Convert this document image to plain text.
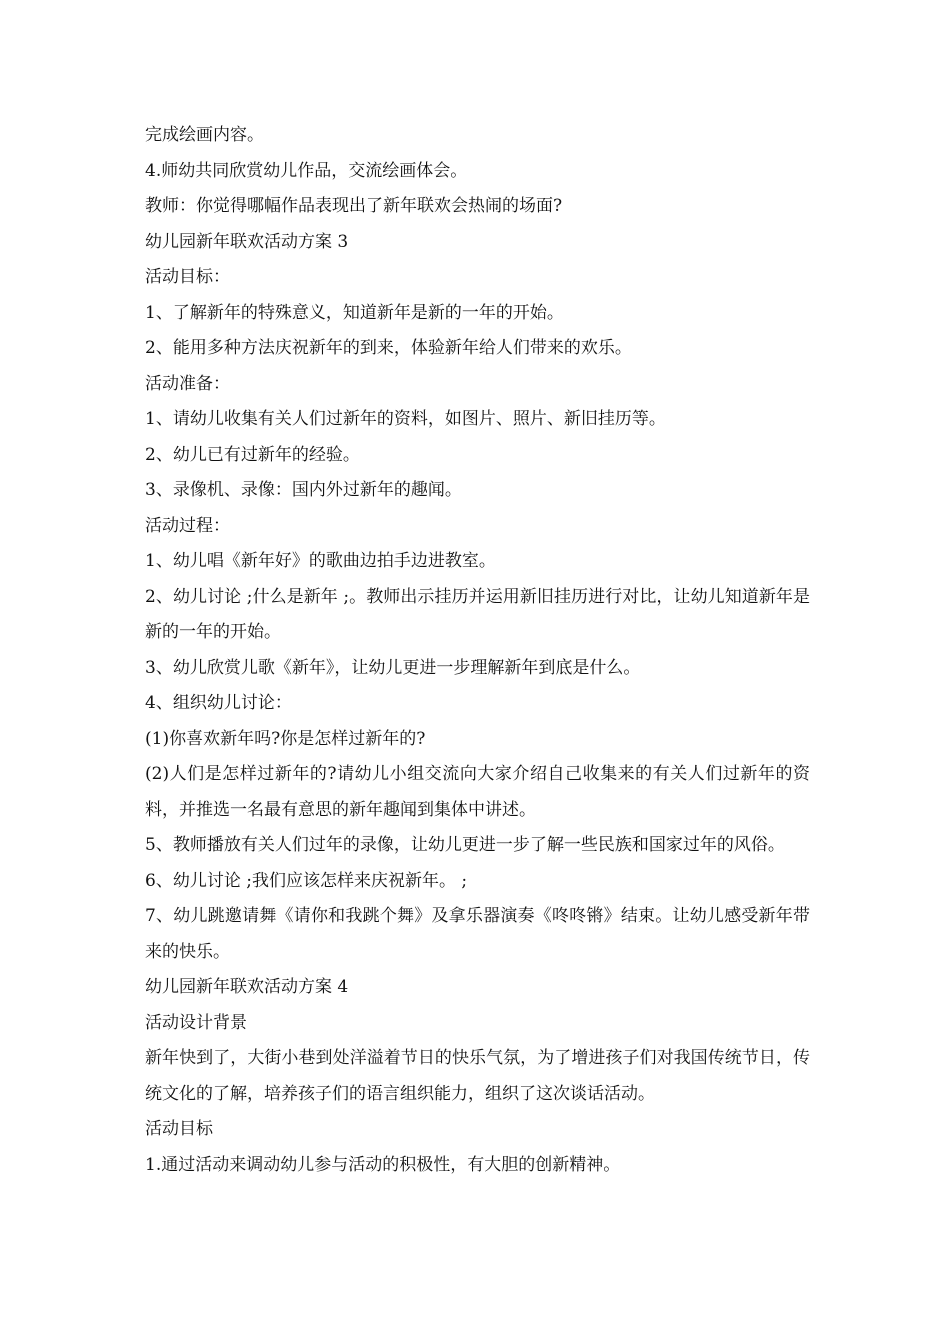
完成绘画内容。

4.师幼共同欣赏幼儿作品，交流绘画体会。

教师：你觉得哪幅作品表现出了新年联欢会热闹的场面?

幼儿园新年联欢活动方案 3

活动目标：

1、了解新年的特殊意义，知道新年是新的一年的开始。

2、能用多种方法庆祝新年的到来，体验新年给人们带来的欢乐。

活动准备：

1、请幼儿收集有关人们过新年的资料，如图片、照片、新旧挂历等。

2、幼儿已有过新年的经验。

3、录像机、录像：国内外过新年的趣闻。

活动过程：

1、幼儿唱《新年好》的歌曲边拍手边进教室。

2、幼儿讨论 ;什么是新年 ;。教师出示挂历并运用新旧挂历进行对比，让幼儿知道新年是新的一年的开始。

3、幼儿欣赏儿歌《新年》，让幼儿更进一步理解新年到底是什么。

4、组织幼儿讨论：

(1)你喜欢新年吗?你是怎样过新年的?

(2)人们是怎样过新年的?请幼儿小组交流向大家介绍自己收集来的有关人们过新年的资料，并推选一名最有意思的新年趣闻到集体中讲述。

5、教师播放有关人们过年的录像，让幼儿更进一步了解一些民族和国家过年的风俗。

6、幼儿讨论 ;我们应该怎样来庆祝新年。 ;

7、幼儿跳邀请舞《请你和我跳个舞》及拿乐器演奏《咚咚锵》结束。让幼儿感受新年带来的快乐。

幼儿园新年联欢活动方案 4

活动设计背景

新年快到了，大街小巷到处洋溢着节日的快乐气氛，为了增进孩子们对我国传统节日，传统文化的了解，培养孩子们的语言组织能力，组织了这次谈话活动。

活动目标

1.通过活动来调动幼儿参与活动的积极性，有大胆的创新精神。
